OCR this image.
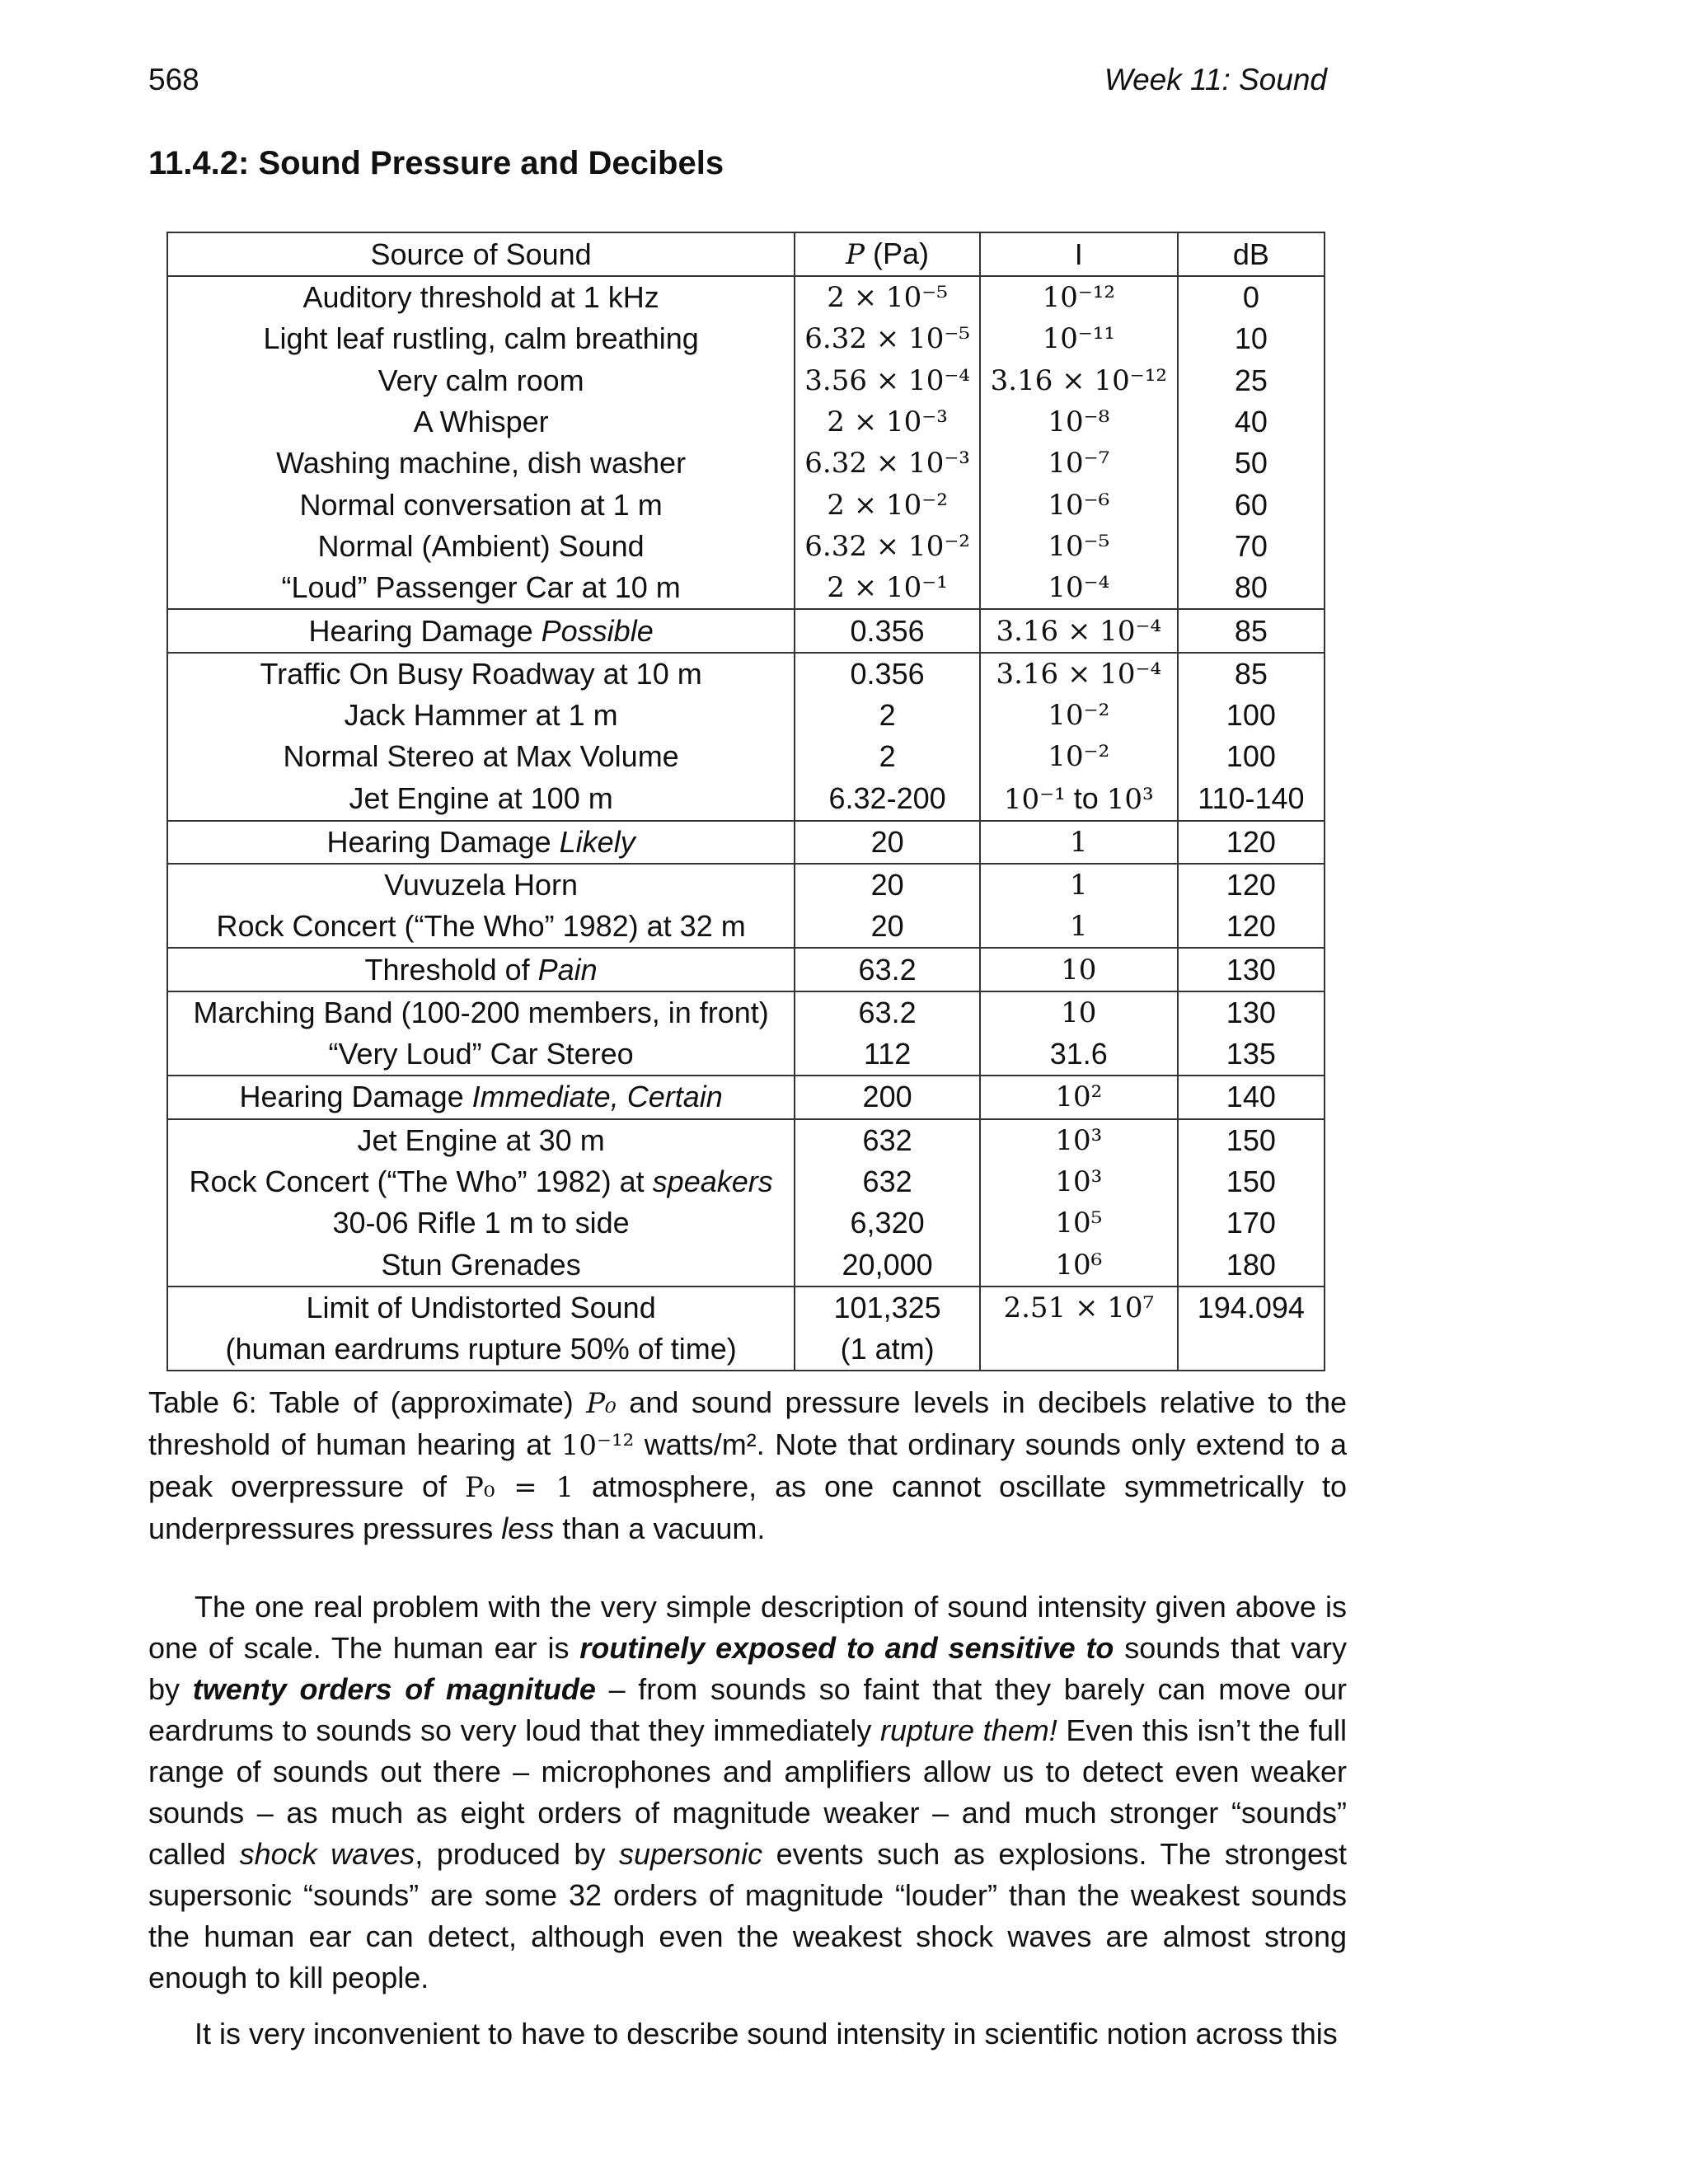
568	Week 11: Sound
11.4.2: Sound Pressure and Decibels
Source of Sound	P (Pa)	I	dB
Auditory threshold at 1 kHz	2 × 10⁻⁵	10⁻¹²	0
Light leaf rustling, calm breathing	6.32 × 10⁻⁵	10⁻¹¹	10
Very calm room	3.56 × 10⁻⁴	3.16 × 10⁻¹²	25
A Whisper	2 × 10⁻³	10⁻⁸	40
Washing machine, dish washer	6.32 × 10⁻³	10⁻⁷	50
Normal conversation at 1 m	2 × 10⁻²	10⁻⁶	60
Normal (Ambient) Sound	6.32 × 10⁻²	10⁻⁵	70
“Loud” Passenger Car at 10 m	2 × 10⁻¹	10⁻⁴	80
Hearing Damage Possible	0.356	3.16 × 10⁻⁴	85
Traffic On Busy Roadway at 10 m	0.356	3.16 × 10⁻⁴	85
Jack Hammer at 1 m	2	10⁻²	100
Normal Stereo at Max Volume	2	10⁻²	100
Jet Engine at 100 m	6.32-200	10⁻¹ to 10³	110-140
Hearing Damage Likely	20	1	120
Vuvuzela Horn	20	1	120
Rock Concert (“The Who” 1982) at 32 m	20	1	120
Threshold of Pain	63.2	10	130
Marching Band (100-200 members, in front)	63.2	10	130
“Very Loud” Car Stereo	112	31.6	135
Hearing Damage Immediate, Certain	200	10²	140
Jet Engine at 30 m	632	10³	150
Rock Concert (“The Who” 1982) at speakers	632	10³	150
30-06 Rifle 1 m to side	6,320	10⁵	170
Stun Grenades	20,000	10⁶	180
Limit of Undistorted Sound	101,325	2.51 × 10⁷	194.094
(human eardrums rupture 50% of time)	(1 atm)		
Table 6: Table of (approximate) P₀ and sound pressure levels in decibels relative to the threshold of human hearing at 10⁻¹² watts/m². Note that ordinary sounds only extend to a peak overpressure of P₀ = 1 atmosphere, as one cannot oscillate symmetrically to underpressures pressures less than a vacuum.
The one real problem with the very simple description of sound intensity given above is one of scale. The human ear is routinely exposed to and sensitive to sounds that vary by twenty orders of magnitude – from sounds so faint that they barely can move our eardrums to sounds so very loud that they immediately rupture them! Even this isn’t the full range of sounds out there – microphones and amplifiers allow us to detect even weaker sounds – as much as eight orders of magnitude weaker – and much stronger “sounds” called shock waves, produced by supersonic events such as explosions. The strongest supersonic “sounds” are some 32 orders of magnitude “louder” than the weakest sounds the human ear can detect, although even the weakest shock waves are almost strong enough to kill people.
It is very inconvenient to have to describe sound intensity in scientific notion across this
